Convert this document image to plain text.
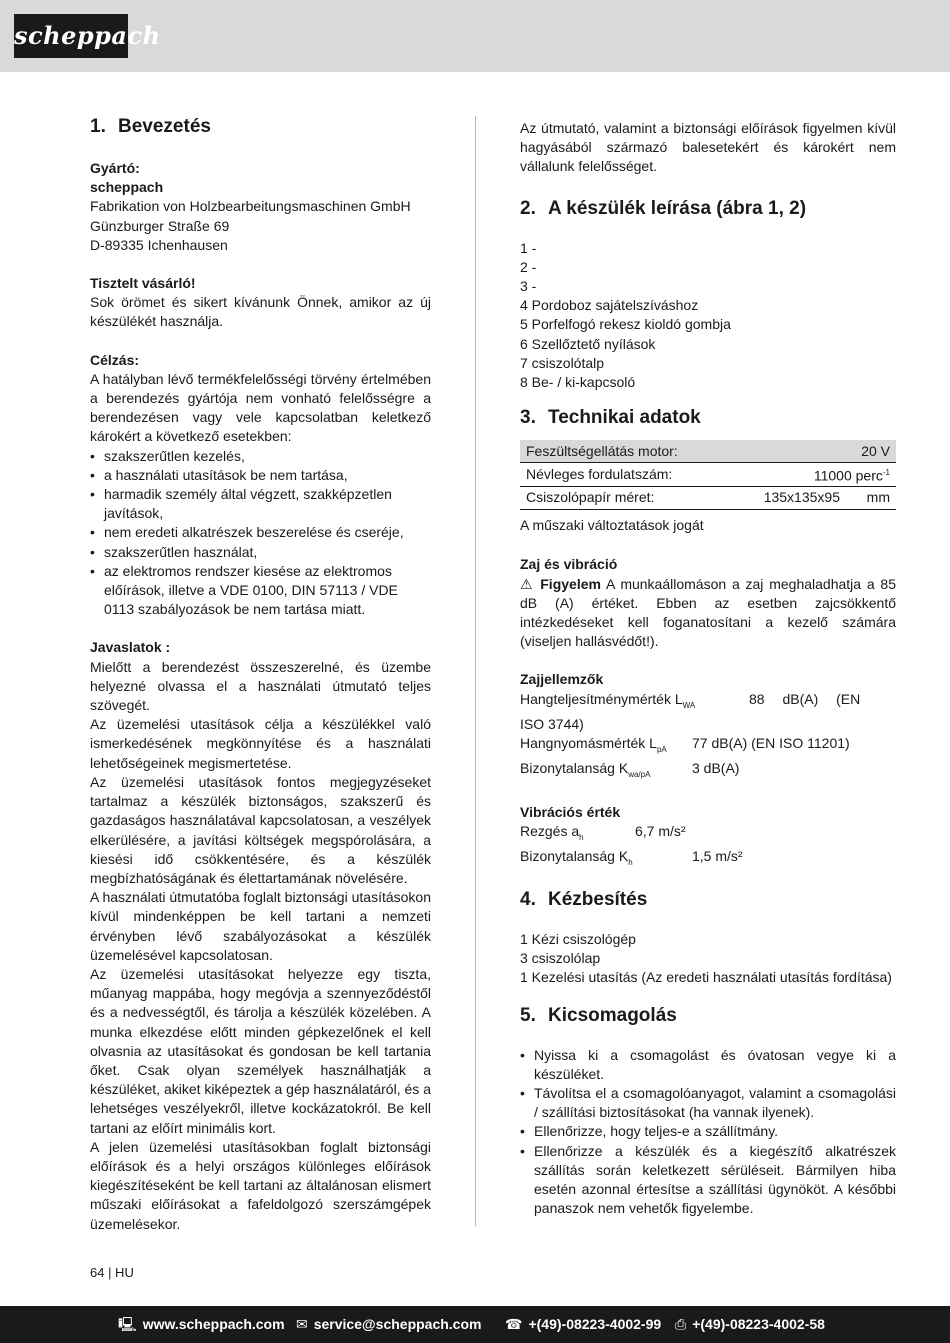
scheppach
1. Bevezetés

Gyártó:

scheppach

Fabrikation von Holzbearbeitungsmaschinen GmbH

Günzburger Straße 69

D-89335 Ichenhausen

Tisztelt vásárló!

Sok örömet és sikert kívánunk Önnek, amikor az új készülékét használja.

Célzás:

A hatályban lévő termékfelelősségi törvény értelmében a berendezés gyártója nem vonható felelősségre a berendezésen vagy vele kapcsolatban keletkező károkért a következő esetekben:

• szakszerűtlen kezelés,
• a használati utasítások be nem tartása,
• harmadik személy által végzett, szakképzetlen javítások,
• nem eredeti alkatrészek beszerelése és cseréje,
• szakszerűtlen használat,
• az elektromos rendszer kiesése az elektromos előírások, illetve a VDE 0100, DIN 57113 / VDE 0113 szabályozások be nem tartása miatt.

Javaslatok :

Mielőtt a berendezést összeszerelné, és üzembe helyezné olvassa el a használati útmutató teljes szövegét.

Az üzemelési utasítások célja a készülékkel való ismerkedésének megkönnyítése és a használati lehetőségeinek megismertetése.

Az üzemelési utasítások fontos megjegyzéseket tartalmaz a készülék biztonságos, szakszerű és gazdaságos használatával kapcsolatosan, a veszélyek elkerülésére, a javítási költségek megspórolására, a kiesési idő csökkentésére, és a készülék megbízhatóságának és élettartamának növelésére.

A használati útmutatóba foglalt biztonsági utasításokon kívül mindenképpen be kell tartani a nemzeti érvényben lévő szabályozásokat a készülék üzemelésével kapcsolatosan.

Az üzemelési utasításokat helyezze egy tiszta, műanyag mappába, hogy megóvja a szennyeződéstől és a nedvességtől, és tárolja a készülék közelében. A munka elkezdése előtt minden gépkezelőnek el kell olvasnia az utasításokat és gondosan be kell tartania őket. Csak olyan személyek használhatják a készüléket, akiket kiképeztek a gép használatáról, és a lehetséges veszélyekről, illetve kockázatokról. Be kell tartani az előírt minimális kort.

A jelen üzemelési utasításokban foglalt biztonsági előírások és a helyi országos különleges előírások kiegészítéseként be kell tartani az általánosan elismert műszaki előírásokat a fafeldolgozó szerszámgépek üzemelésekor.

Az útmutató, valamint a biztonsági előírások figyelmen kívül hagyásából származó balesetekért és károkért nem vállalunk felelősséget.

2. A készülék leírása (ábra 1, 2)

1 -

2 -

3 -

4 Pordoboz sajátelszíváshoz

5 Porfelfogó rekesz kioldó gombja

6 Szellőztető nyílások

7 csiszolótalp

8 Be- / ki-kapcsoló

3. Technikai adatok
Feszültségellátás motor:	20 V	
Névleges fordulatszám:	11000 perc$^{-1}$
Csiszolópapír méret:	135x135x95	mm

A műszaki változtatások jogát

Zaj és vibráció

⚠ Figyelem A munkaállomáson a zaj meghaladhatja a 85 dB (A) értéket. Ebben az esetben zajcsökkentő intézkedéseket kell foganatosítani a kezelő számára (viseljen hallásvédőt!).

Zajjellemzők

Hangteljesítménymérték $L_{WA}$	88 dB(A) (EN

ISO 3744)

Hangnyomásmérték $L_{pA}$ 77 dB(A) (EN ISO 11201)

Bizonytalanság $K_{wa/pA}$	3 dB(A)

Vibrációs érték

Rezgés $a_h$	6,7 m/s²

Bizonytalanság $K_h$	1,5 m/s²

4. Kézbesítés

1 Kézi csiszológép

3 csiszolólap

1 Kezelési utasítás (Az eredeti használati utasítás fordítása)

5. Kicsomagolás
• Nyissa ki a csomagolást és óvatosan vegye ki a készüléket.
• Távolítsa el a csomagolóanyagot, valamint a csomagolási / szállítási biztosításokat (ha vannak ilyenek).
• Ellenőrizze, hogy teljes-e a szállítmány.
• Ellenőrizze a készülék és a kiegészítő alkatrészek szállítás során keletkezett sérüléseit. Bármilyen hiba esetén azonnal értesítse a szállítási ügynököt. A későbbi panaszok nem vehetők figyelembe.
64 | HU
🖳 www.scheppach.com ✉ service@scheppach.com ☎ +(49)-08223-4002-99 ⎙ +(49)-08223-4002-58
